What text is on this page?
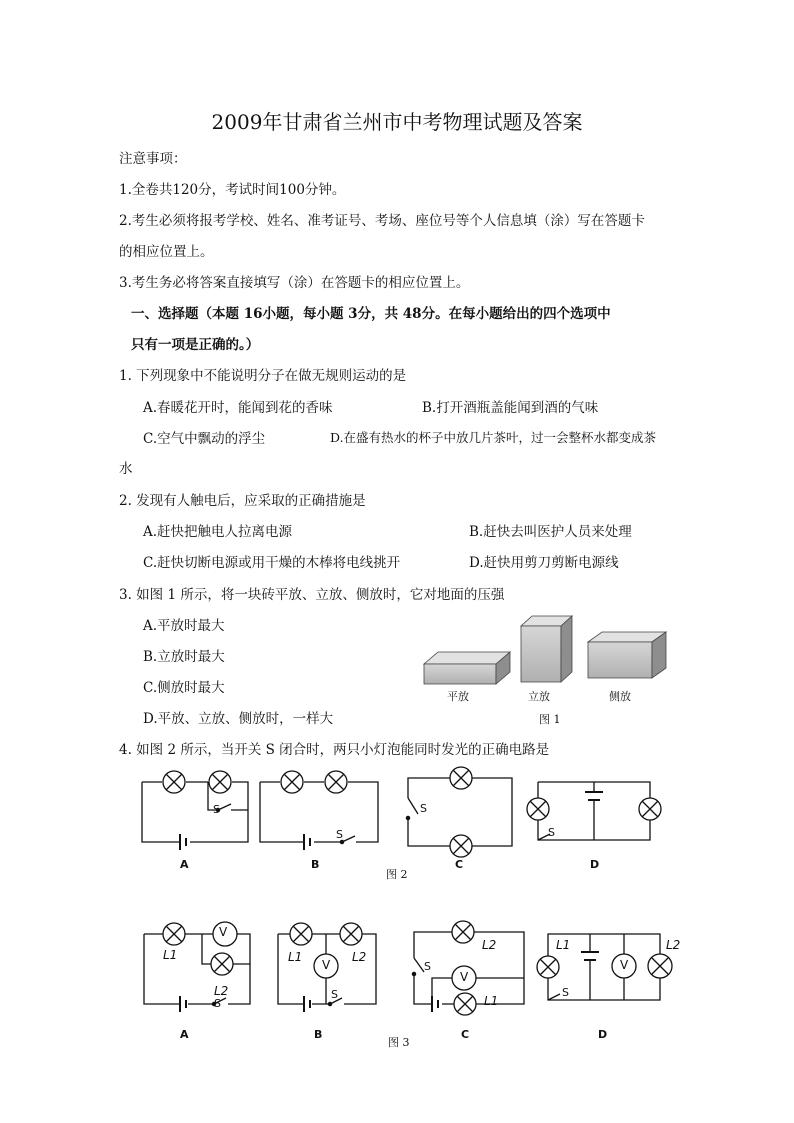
2009年甘肃省兰州市中考物理试题及答案
注意事项：
1.全卷共120分，考试时间100分钟。
2.考生必须将报考学校、姓名、准考证号、考场、座位号等个人信息填（涂）写在答题卡
的相应位置上。
3.考生务必将答案直接填写（涂）在答题卡的相应位置上。
一、选择题（本题 16小题，每小题 3分，共 48分。在每小题给出的四个选项中
只有一项是正确的。）
1. 下列现象中不能说明分子在做无规则运动的是
A.春暖花开时，能闻到花的香味	B.打开酒瓶盖能闻到酒的气味
C.空气中飘动的浮尘	D.在盛有热水的杯子中放几片茶叶，过一会整杯水都变成茶
水
2. 发现有人触电后，应采取的正确措施是
A.赶快把触电人拉离电源	B.赶快去叫医护人员来处理
C.赶快切断电源或用干燥的木棒将电线挑开	D.赶快用剪刀剪断电源线
3. 如图 1 所示，将一块砖平放、立放、侧放时，它对地面的压强
A.平放时最大
B.立放时最大
C.侧放时最大
D.平放、立放、侧放时，一样大
平放	立放	侧放
图 1
4. 如图 2 所示，当开关 S 闭合时，两只小灯泡能同时发光的正确电路是
S
S
S
S
A	B	C	D
图 2
V
V
V
V
L1
L2
L1	L2
L2
L1
L1	L2
S
S
S
S
A	B	C	D
图 3
